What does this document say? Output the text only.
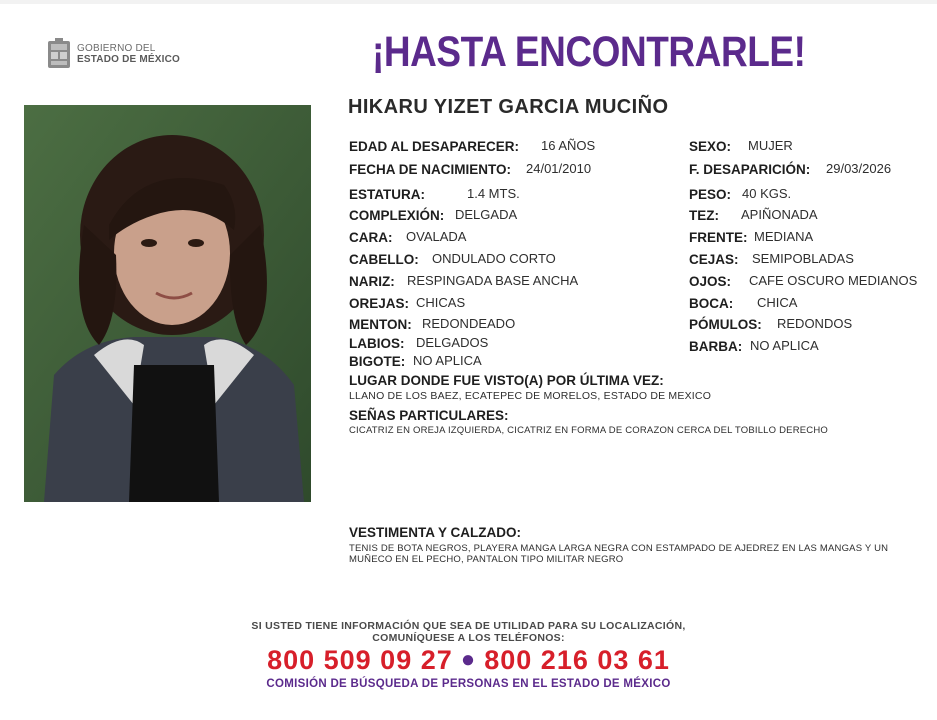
GOBIERNO DEL
ESTADO DE MÉXICO	¡HASTA ENCONTRARLE!
HIKARU YIZET GARCIA MUCIÑO
EDAD AL DESAPARECER: 16 AÑOS
FECHA DE NACIMIENTO: 24/01/2010
ESTATURA:	1.4 MTS.
COMPLEXIÓN: DELGADA
CARA: OVALADA
CABELLO: ONDULADO CORTO
NARIZ: RESPINGADA BASE ANCHA
OREJAS: CHICAS
MENTON: REDONDEADO
LABIOS: DELGADOS
BIGOTE: NO APLICA
SEXO: MUJER
F. DESAPARICIÓN: 29/03/2026
PESO: 40 KGS.
TEZ: APIÑONADA
FRENTE: MEDIANA
CEJAS: SEMIPOBLADAS
OJOS: CAFE OSCURO MEDIANOS
BOCA: CHICA
PÓMULOS: REDONDOS
BARBA: NO APLICA
LUGAR DONDE FUE VISTO(A) POR ÚLTIMA VEZ:
LLANO DE LOS BAEZ, ECATEPEC DE MORELOS, ESTADO DE MEXICO
SEÑAS PARTICULARES:
CICATRIZ EN OREJA IZQUIERDA, CICATRIZ EN FORMA DE CORAZON CERCA DEL TOBILLO DERECHO
VESTIMENTA Y CALZADO:
TENIS DE BOTA NEGROS, PLAYERA MANGA LARGA NEGRA CON ESTAMPADO DE AJEDREZ EN LAS MANGAS Y UN
MUÑECO EN EL PECHO, PANTALON TIPO MILITAR NEGRO
SI USTED TIENE INFORMACIÓN QUE SEA DE UTILIDAD PARA SU LOCALIZACIÓN,
COMUNÍQUESE A LOS TELÉFONOS:
800 509 09 27 ● 800 216 03 61
COMISIÓN DE BÚSQUEDA DE PERSONAS EN EL ESTADO DE MÉXICO
